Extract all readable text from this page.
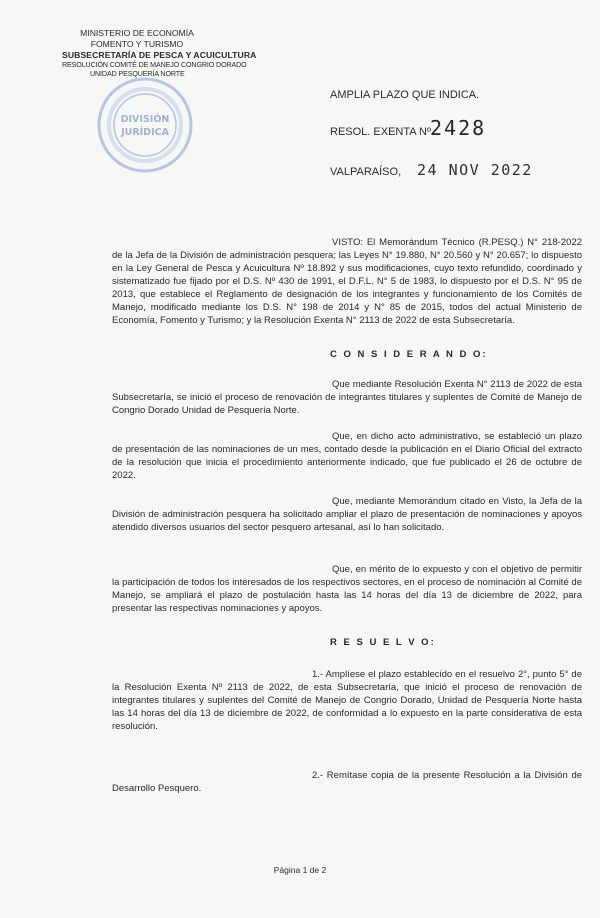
MINISTERIO DE ECONOMÍA
FOMENTO Y TURISMO
SUBSECRETARÍA DE PESCA Y ACUICULTURA
RESOLUCIÓN COMITÉ DE MANEJO CONGRIO DORADO
UNIDAD PESQUERÍA NORTE
DIVISIÓN
JURÍDICA
AMPLIA PLAZO QUE INDICA.
RESOL. EXENTA Nº
2428
VALPARAÍSO, 24 NOV 2022
VISTO: El Memorándum Técnico (R.PESQ.) N° 218-2022 de la Jefa de la División de administración pesquera; las Leyes N° 19.880, N° 20.560 y N° 20.657; lo dispuesto en la Ley General de Pesca y Acuicultura Nº 18.892 y sus modificaciones, cuyo texto refundido, coordinado y sistematizado fue fijado por el D.S. Nº 430 de 1991, el D.F.L. N° 5 de 1983, lo dispuesto por el D.S. N° 95 de 2013, que establece el Reglamento de designación de los integrantes y funcionamiento de los Comités de Manejo, modificado mediante los D.S. N° 198 de 2014 y N° 85 de 2015, todos del actual Ministerio de Economía, Fomento y Turismo; y la Resolución Exenta N° 2113 de 2022 de esta Subsecretaría.
C O N S I D E R A N D O:
Que mediante Resolución Exenta N° 2113 de 2022 de esta Subsecretaría, se inició el proceso de renovación de integrantes titulares y suplentes de Comité de Manejo de Congrio Dorado Unidad de Pesquería Norte.
Que, en dicho acto administrativo, se estableció un plazo de presentación de las nominaciones de un mes, contado desde la publicación en el Diario Oficial del extracto de la resolución que inicia el procedimiento anteriormente indicado, que fue publicado el 26 de octubre de 2022.
Que, mediante Memorándum citado en Visto, la Jefa de la División de administración pesquera ha solicitado ampliar el plazo de presentación de nominaciones y apoyos atendido diversos usuarios del sector pesquero artesanal, así lo han solicitado.
Que, en mérito de lo expuesto y con el objetivo de permitir la participación de todos los interesados de los respectivos sectores, en el proceso de nominación al Comité de Manejo, se ampliará el plazo de postulación hasta las 14 horas del día 13 de diciembre de 2022, para presentar las respectivas nominaciones y apoyos.
R E S U E L V O:
1.- Amplíese el plazo establecido en el resuelvo 2°, punto 5° de la Resolución Exenta Nº 2113 de 2022, de esta Subsecretaría, que inició el proceso de renovación de integrantes titulares y suplentes del Comité de Manejo de Congrio Dorado, Unidad de Pesquería Norte hasta las 14 horas del día 13 de diciembre de 2022, de conformidad a lo expuesto en la parte considerativa de esta resolución.
2.- Remítase copia de la presente Resolución a la División de Desarrollo Pesquero.
Página 1 de 2
